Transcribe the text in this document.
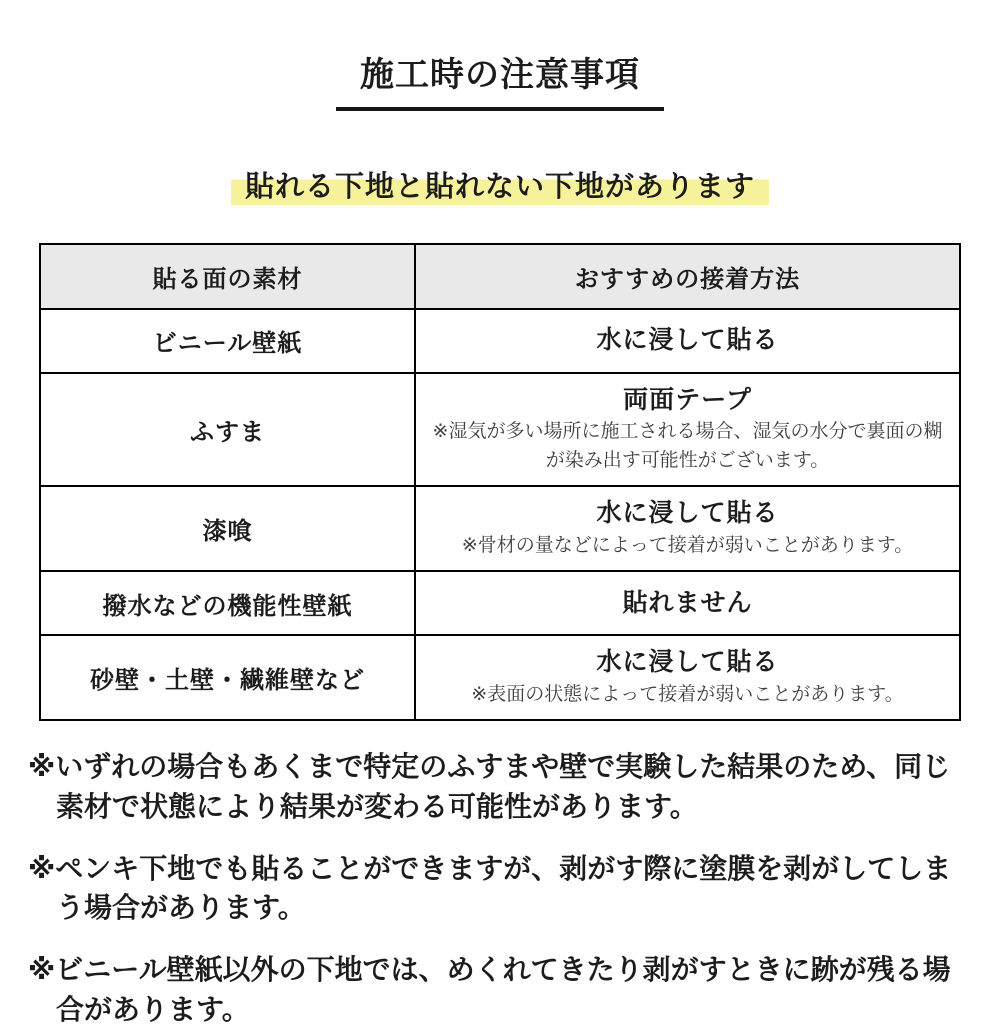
施工時の注意事項
貼れる下地と貼れない下地があります
貼る面の素材	おすすめの接着方法
ビニール壁紙	水に浸して貼る

ふすま	両面テープ
※湿気が多い場所に施工される場合、湿気の水分で裏面の糊が染み出す可能性がございます。

漆喰	水に浸して貼る
※骨材の量などによって接着が弱いことがあります。

撥水などの機能性壁紙	貼れません

砂壁・土壁・繊維壁など	水に浸して貼る
※表面の状態によって接着が弱いことがあります。
※いずれの場合もあくまで特定のふすまや壁で実験した結果のため、同じ素材で状態により結果が変わる可能性があります。
※ペンキ下地でも貼ることができますが、剥がす際に塗膜を剥がしてしまう場合があります。
※ビニール壁紙以外の下地では、めくれてきたり剥がすときに跡が残る場合があります。
